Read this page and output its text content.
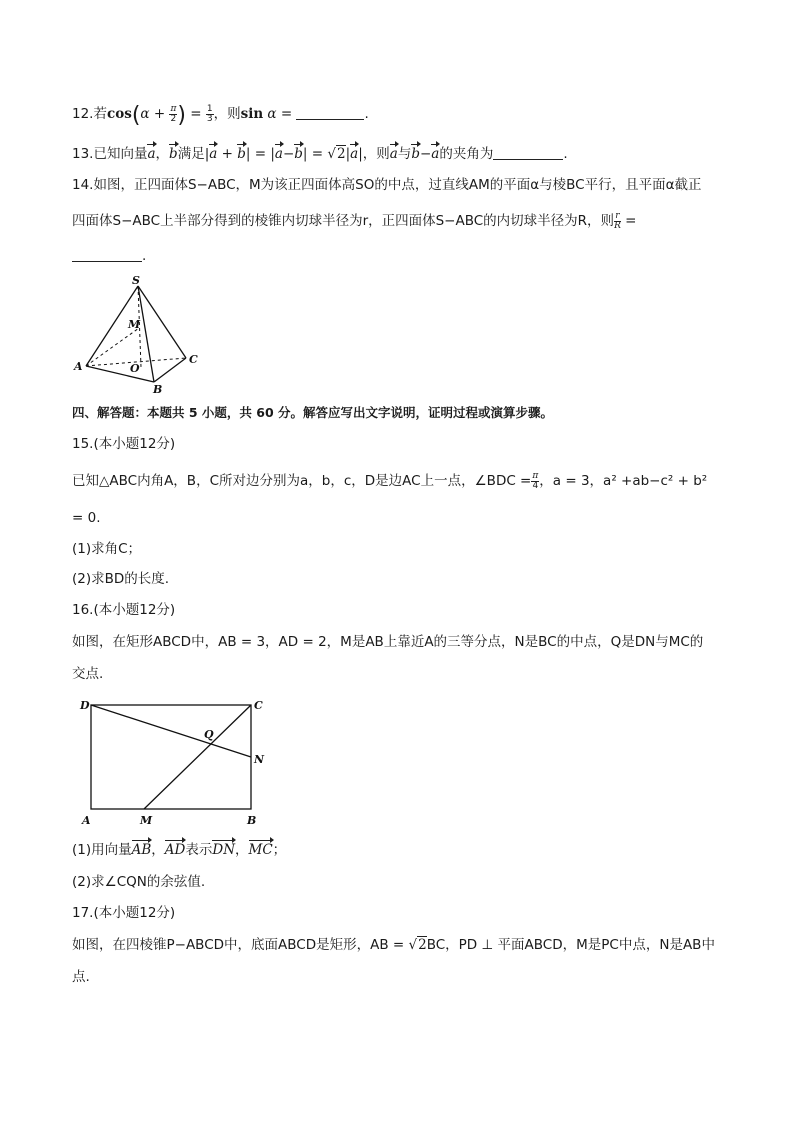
12.若$\cos(\alpha + \frac{\pi}{2}$ ) = $\frac{1}{3}$ ，则sin α =	.
13.已知向量a，b满足|a + b| = |a−b| = √2|a|，则a与b−a的夹角为	.
14.如图，正四面体S−ABC，M为该正四面体高SO的中点，过直线AM的平面α与棱BC平行，且平面α截正
四面体S−ABC上半部分得到的棱锥内切球半径为r，正四面体S−ABC的内切球半径为R，则 $\frac{r}{R}$ =
.
S
M
A	O
C
B
四、解答题：本题共 5 小题，共 60 分。解答应写出文字说明，证明过程或演算步骤。
15.(本小题12分)
已知△ABC内角A，B，C所对边分别为a，b，c，D是边AC上一点，∠BDC = $\frac{\pi}{4}$ ，a = 3，a² +ab−c² + b²
= 0.
(1)求角C；
(2)求BD的长度.
16.(本小题12分)
如图，在矩形ABCD中，AB = 3，AD = 2，M是AB上靠近A的三等分点，N是BC的中点，Q是DN与MC的
交点.
D	C
Q
N
A	M	B
(1)用向量AB，AD表示DN，MC；
(2)求∠CQN的余弦值.
17.(本小题12分)
如图，在四棱锥P−ABCD中，底面ABCD是矩形，AB = √2BC，PD ⊥ 平面ABCD，M是PC中点，N是AB中
点.
